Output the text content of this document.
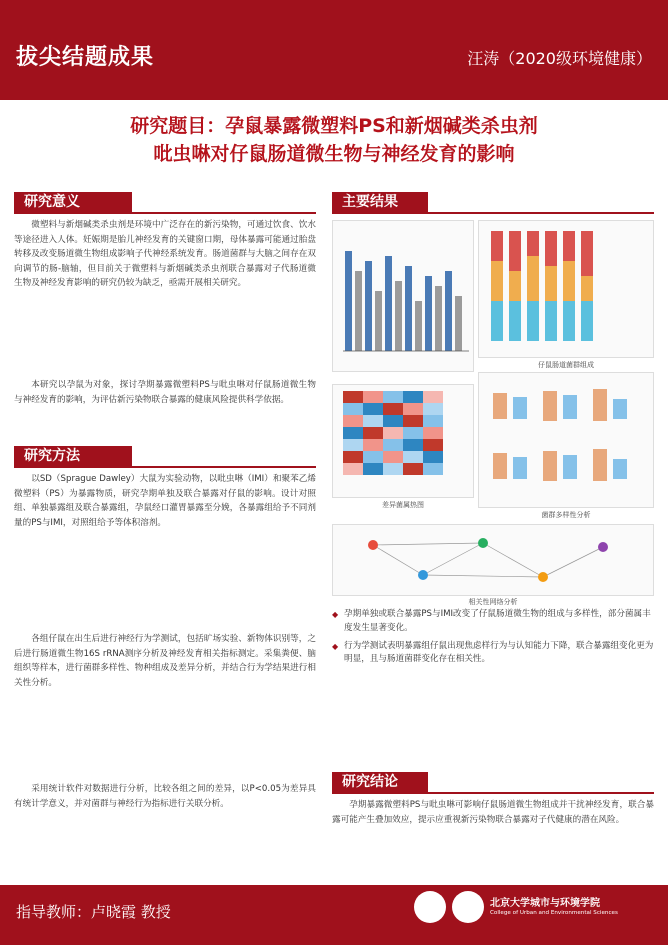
拔尖结题成果	汪涛（2020级环境健康）
研究题目：孕鼠暴露微塑料PS和新烟碱类杀虫剂
吡虫啉对仔鼠肠道微生物与神经发育的影响
研究意义
微塑料与新烟碱类杀虫剂是环境中广泛存在的新污染物，可通过饮食、饮水等途径进入人体。妊娠期是胎儿神经发育的关键窗口期，母体暴露可能通过胎盘转移及改变肠道微生物组成影响子代神经系统发育。肠道菌群与大脑之间存在双向调节的肠-脑轴，但目前关于微塑料与新烟碱类杀虫剂联合暴露对子代肠道微生物及神经发育影响的研究仍较为缺乏，亟需开展相关研究。
本研究以孕鼠为对象，探讨孕期暴露微塑料PS与吡虫啉对仔鼠肠道微生物与神经发育的影响，为评估新污染物联合暴露的健康风险提供科学依据。
研究方法
以SD（Sprague Dawley）大鼠为实验动物，以吡虫啉（IMI）和聚苯乙烯微塑料（PS）为暴露物质，研究孕期单独及联合暴露对仔鼠的影响。设计对照组、单独暴露组及联合暴露组，孕鼠经口灌胃暴露至分娩，各暴露组给予不同剂量的PS与IMI，对照组给予等体积溶剂。
各组仔鼠在出生后进行神经行为学测试，包括旷场实验、新物体识别等，之后进行肠道微生物16S rRNA测序分析及神经发育相关指标测定。采集粪便、脑组织等样本，进行菌群多样性、物种组成及差异分析，并结合行为学结果进行相关性分析。
采用统计软件对数据进行分析，比较各组之间的差异，以P<0.05为差异具有统计学意义，并对菌群与神经行为指标进行关联分析。
主要结果
仔鼠肠道菌群组成
菌群多样性分析
差异菌属热图
相关性网络分析
◆ 孕期单独或联合暴露PS与IMI改变了仔鼠肠道微生物的组成与多样性，部分菌属丰度发生显著变化。
◆ 行为学测试表明暴露组仔鼠出现焦虑样行为与认知能力下降，联合暴露组变化更为明显，且与肠道菌群变化存在相关性。
研究结论
孕期暴露微塑料PS与吡虫啉可影响仔鼠肠道微生物组成并干扰神经发育，联合暴露可能产生叠加效应，提示应重视新污染物联合暴露对子代健康的潜在风险。
指导教师：卢晓霞 教授	北京大学城市与环境学院
College of Urban and Environmental Sciences
